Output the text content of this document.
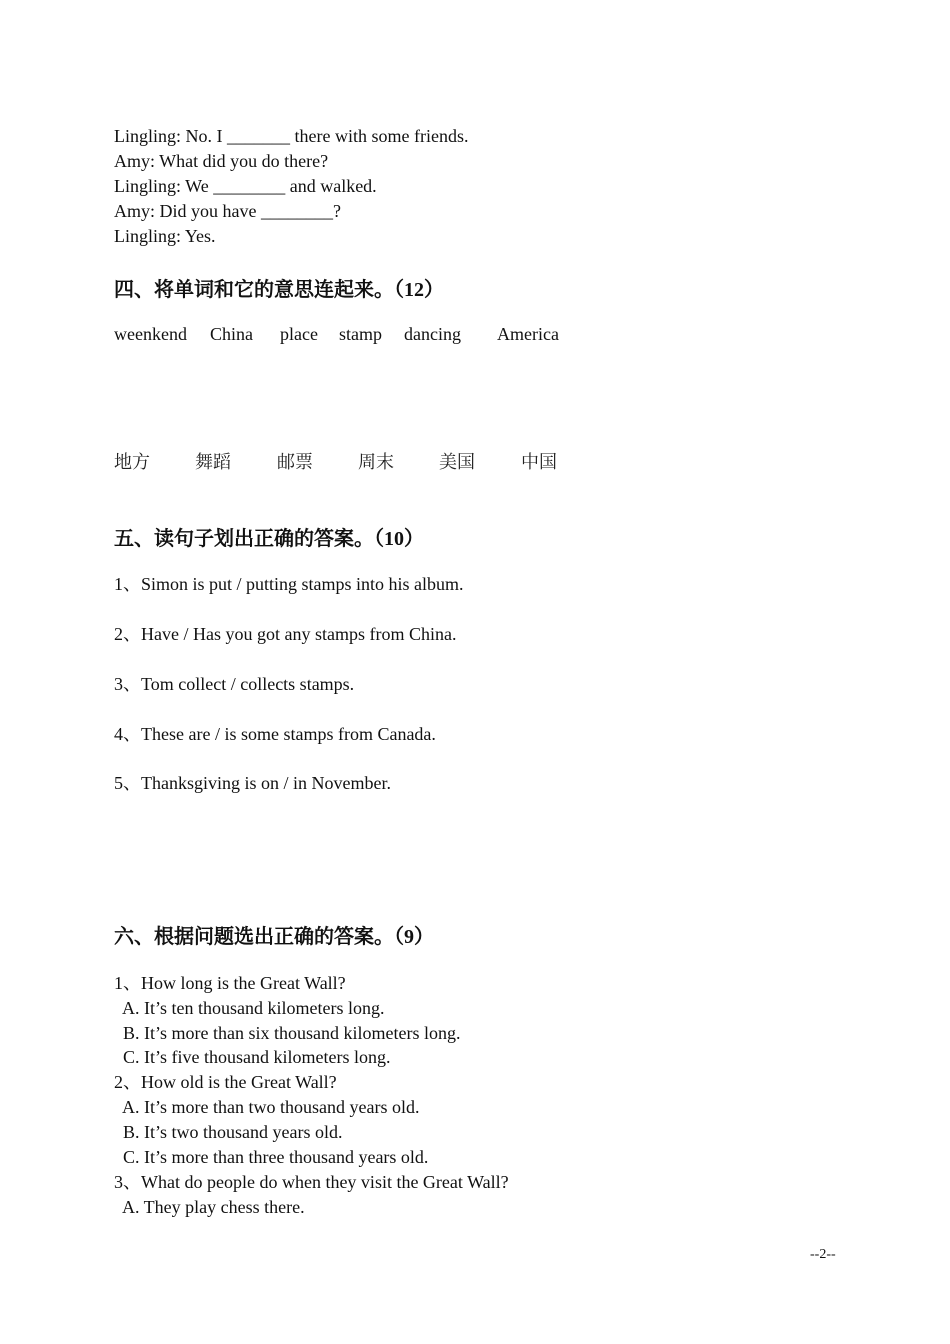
Lingling: No. I _______ there with some friends.
Amy: What did you do there?
Lingling: We ________ and walked.
Amy: Did you have ________?
Lingling: Yes.
四、将单词和它的意思连起来。（12）
weenkend China place stamp dancing America
地方	舞蹈	邮票	周末	美国	中国
五、读句子划出正确的答案。（10）
1、Simon is put / putting stamps into his album.
2、Have / Has you got any stamps from China.
3、Tom collect / collects stamps.
4、These are / is some stamps from Canada.
5、Thanksgiving is on / in November.
六、根据问题选出正确的答案。（9）
1、How long is the Great Wall?
A. It’s ten thousand kilometers long.
B. It’s more than six thousand kilometers long.
C. It’s five thousand kilometers long.
2、How old is the Great Wall?
A. It’s more than two thousand years old.
B. It’s two thousand years old.
C. It’s more than three thousand years old.
3、What do people do when they visit the Great Wall?
A. They play chess there.
--2--
